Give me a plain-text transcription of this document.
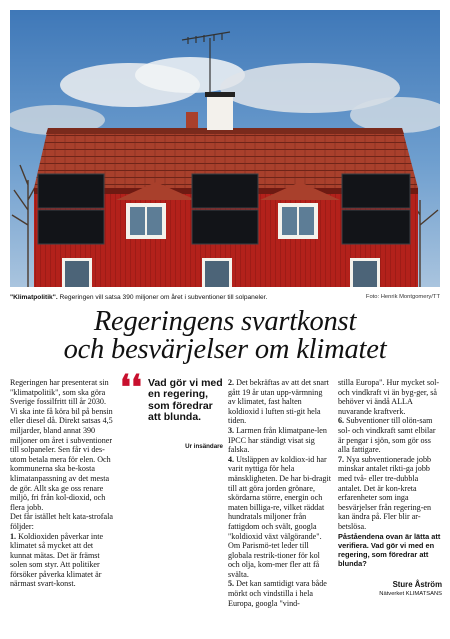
"Klimatpolitik". Regeringen vill satsa 390 miljoner om året i subventioner till solpaneler.	Foto: Henrik Montgomery/TT
Regeringens svartkonst
och besvärjelser om klimatet

Regeringen har presenterat sin "klimatpolitik", som ska göra Sverige fossilfritt till år 2030. Vi ska inte få köra bil på bensin eller diesel då. Direkt satsas 4,5 miljarder, bland annat 390 miljoner om året i subventioner till solpaneler. Sen får vi des-

utom betala mera för elen. Och kommunerna ska be-kosta klimatanpassning av det mesta de gör. Allt ska ge oss renare miljö, fri från kol-dioxid, och flera jobb.

Det får istället helt kata-strofala följder:

1. Koldioxiden påverkar inte klimatet så mycket att det kunnat mätas. Det är främst solen som styr. Att politiker försöker påverka klimatet är närmast svart-konst.

❛❛ Vad gör vi med en regering, som föredrar att blunda.
Ur insändare

2. Det bekräftas av att det snart gått 19 år utan upp-värmning av klimatet, fast halten koldioxid i luften sti-git hela tiden.

3. Larmen från klimatpane-len IPCC har ständigt visat sig falska.

4. Utsläppen av koldiox-id har varit nyttiga för hela mänskligheten. De har bi-dragit till att göra jorden grönare, skördarna större, energin och maten billiga-re, vilket räddat hundratals miljoner från fattigdom och svält, googla "koldioxid växt välgörande". Om Parismö-tet leder till globala restrik-tioner för kol och olja, kom-mer fler att få svälta.

5. Det kan samtidigt vara både mörkt och vindstilla i hela Europa, googla "vind-

stilla Europa". Hur mycket sol- och vindkraft vi än byg-ger, så behöver vi ändå ALLA nuvarande kraftverk.

6. Subventioner till olön-sam sol- och vindkraft samt elbilar är pengar i sjön, som gör oss alla fattigare.

7. Nya subventionerade jobb minskar antalet rikti-ga jobb med två- eller tre-dubbla antalet. Det är kon-kreta erfarenheter som inga besvärjelser från regering-en kan ändra på. Fler blir ar-betslösa.

Påståendena ovan är lätta att verifiera. Vad gör vi med en regering, som föredrar att blunda?

Sture Åström
Nätverket KLIMATSANS
